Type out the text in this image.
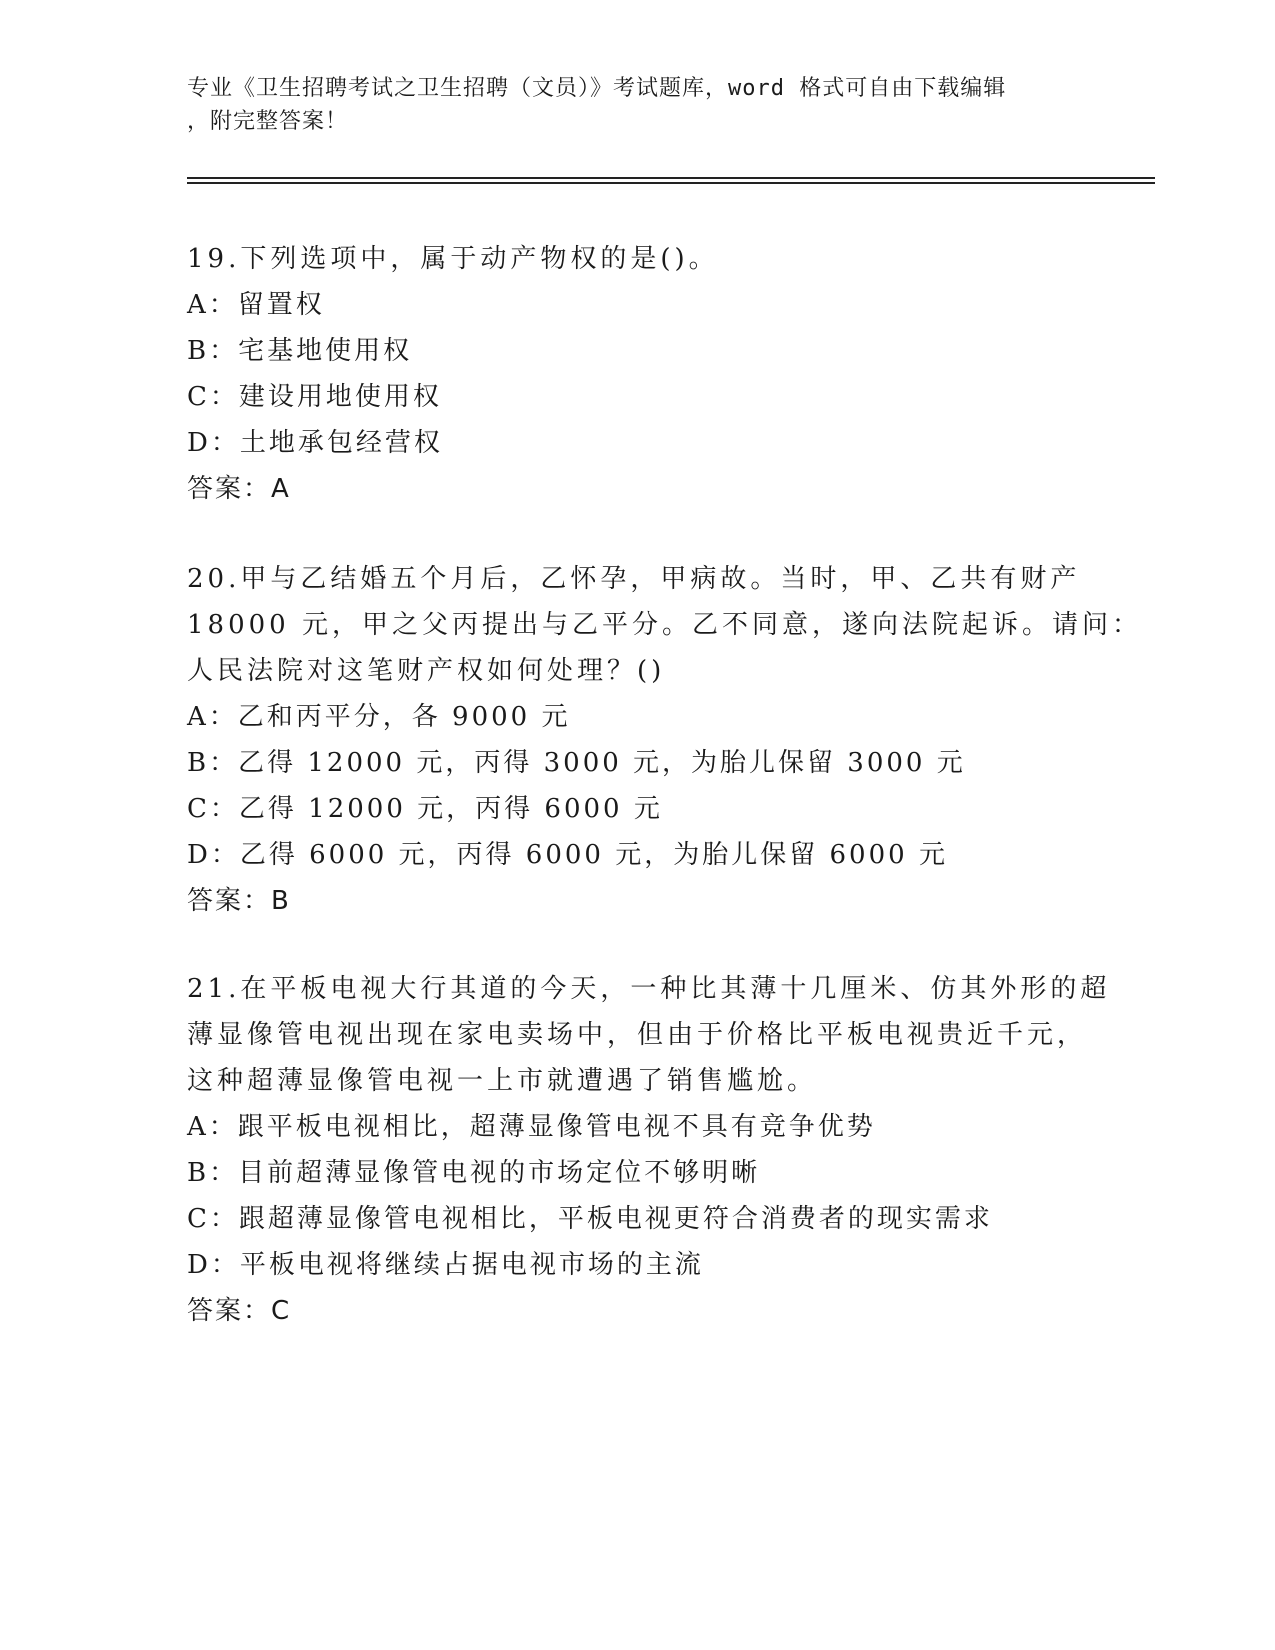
专业《卫生招聘考试之卫生招聘（文员）》考试题库，word 格式可自由下载编辑
，附完整答案！
19.下列选项中，属于动产物权的是()。
A：留置权
B：宅基地使用权
C：建设用地使用权
D：土地承包经营权
答案：A
20.甲与乙结婚五个月后，乙怀孕，甲病故。当时，甲、乙共有财产
18000 元，甲之父丙提出与乙平分。乙不同意，遂向法院起诉。请问：
人民法院对这笔财产权如何处理？()
A：乙和丙平分，各 9000 元
B：乙得 12000 元，丙得 3000 元，为胎儿保留 3000 元
C：乙得 12000 元，丙得 6000 元
D：乙得 6000 元，丙得 6000 元，为胎儿保留 6000 元
答案：B
21.在平板电视大行其道的今天，一种比其薄十几厘米、仿其外形的超
薄显像管电视出现在家电卖场中，但由于价格比平板电视贵近千元，
这种超薄显像管电视一上市就遭遇了销售尴尬。
A：跟平板电视相比，超薄显像管电视不具有竞争优势
B：目前超薄显像管电视的市场定位不够明晰
C：跟超薄显像管电视相比，平板电视更符合消费者的现实需求
D：平板电视将继续占据电视市场的主流
答案：C
